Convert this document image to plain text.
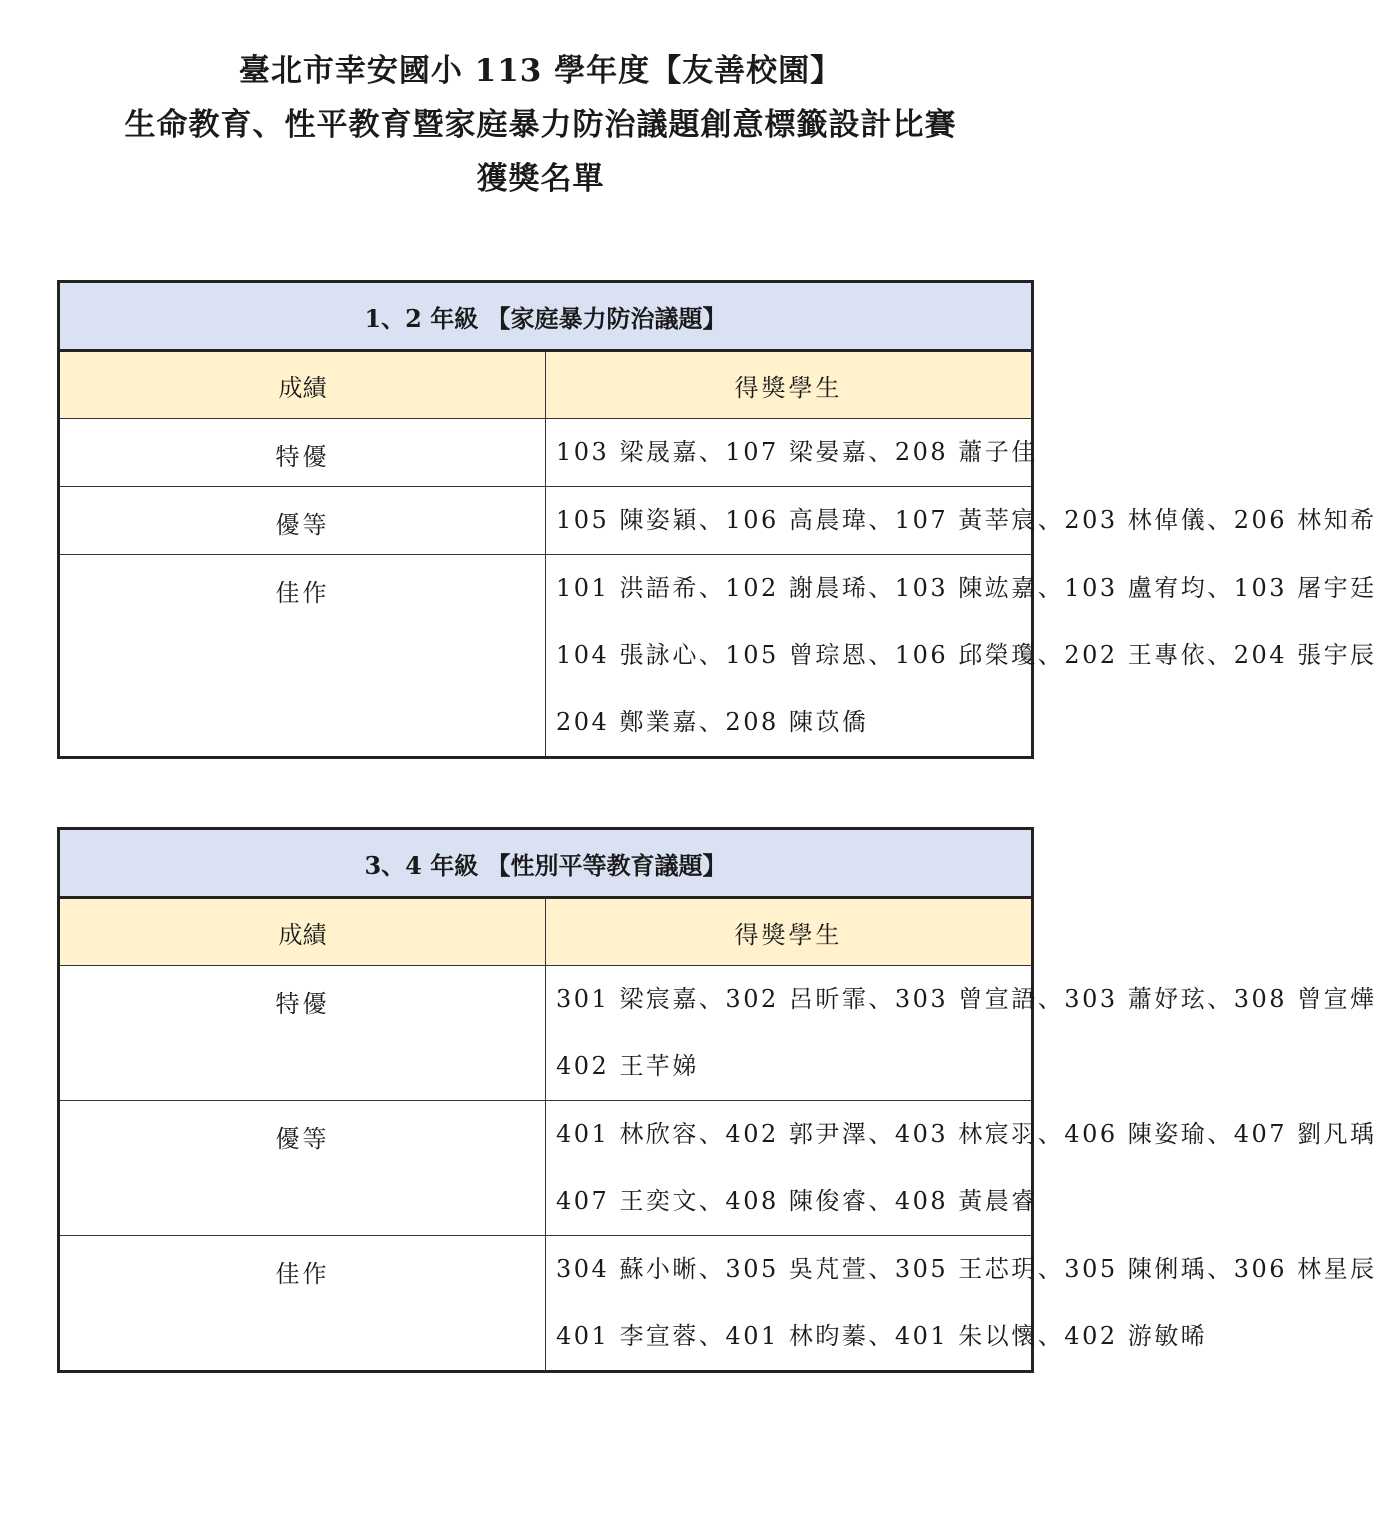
臺北市幸安國小 113 學年度【友善校園】
生命教育、性平教育暨家庭暴力防治議題創意標籤設計比賽
獲獎名單
1、2 年級 【家庭暴力防治議題】	
成績	得獎學生
特優	103 梁晟嘉、107 梁晏嘉、208 蕭子佳

優等	105 陳姿穎、106 高晨瑋、107 黃莘宸、203 林倬儀、206 林知希

佳作	101 洪語希、102 謝晨琋、103 陳竑嘉、103 盧宥均、103 屠宇廷
104 張詠心、105 曾琮恩、106 邱榮瓊、202 王專依、204 張宇辰
204 鄭業嘉、208 陳苡僑
3、4 年級 【性別平等教育議題】	
成績	得獎學生
特優	301 梁宸嘉、302 呂昕霏、303 曾宣語、303 蕭妤玹、308 曾宣燁
402 王芊娣

優等	401 林欣容、402 郭尹澤、403 林宸羽、406 陳姿瑜、407 劉凡瑀
407 王奕文、408 陳俊睿、408 黃晨睿

佳作	304 蘇小晰、305 吳芃萱、305 王芯玥、305 陳俐瑀、306 林星辰
401 李宣蓉、401 林昀蓁、401 朱以懷、402 游敏晞
